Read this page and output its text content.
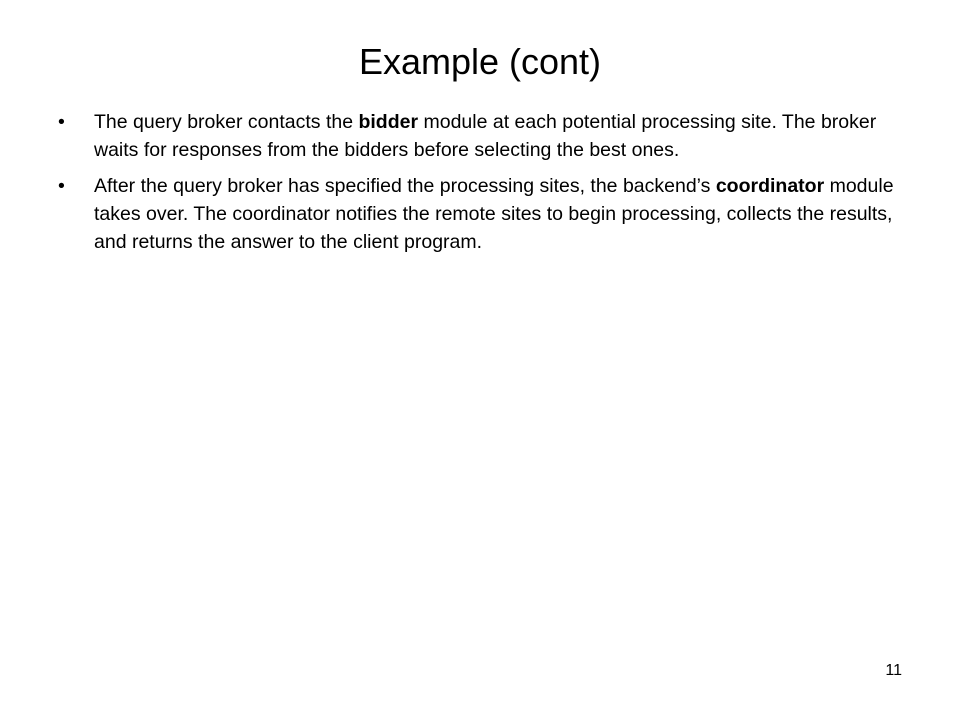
Example (cont)
•	The query broker contacts the bidder module at each potential processing site. The broker waits for responses from the bidders before selecting the best ones.
•	After the query broker has specified the processing sites, the backend’s coordinator module takes over. The coordinator notifies the remote sites to begin processing, collects the results, and returns the answer to the client program.
11
